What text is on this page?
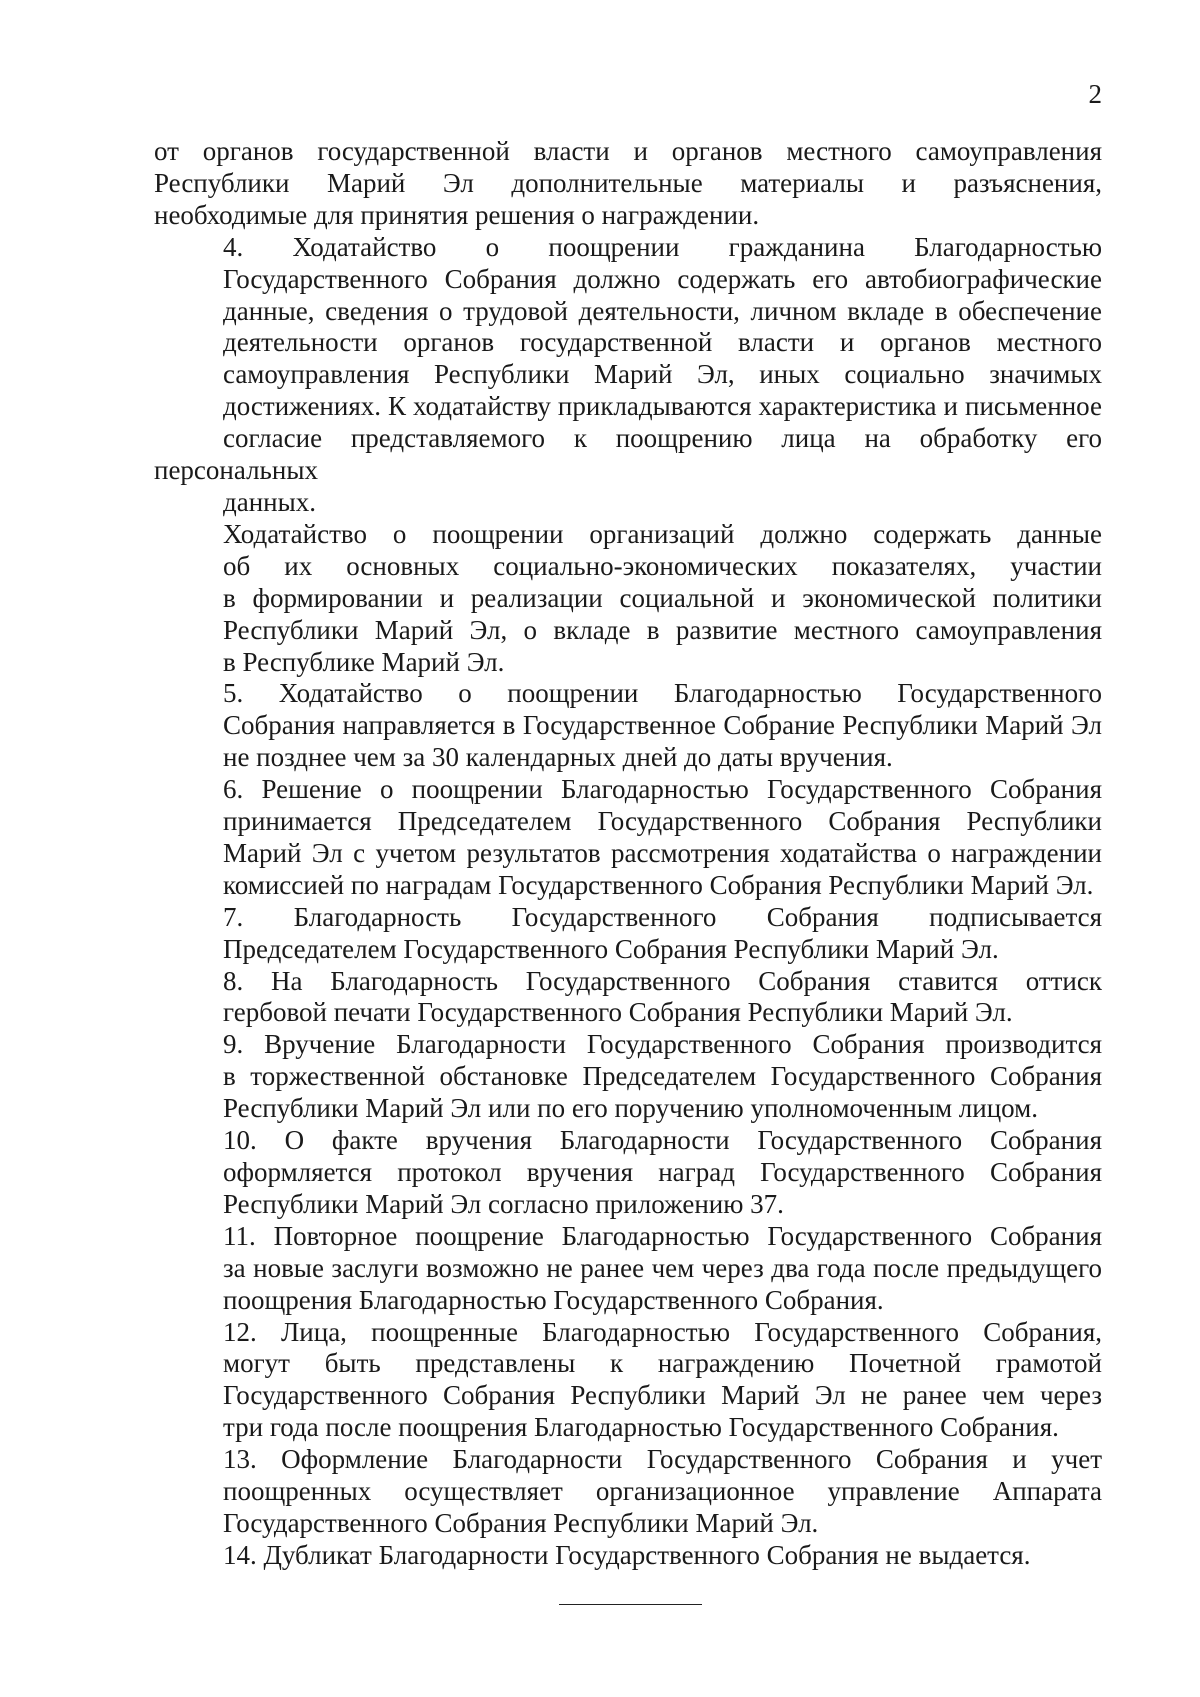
2

от органов государственной власти и органов местного самоуправления
Республики Марий Эл дополнительные материалы и разъяснения,
необходимые для принятия решения о награждении.

4. Ходатайство о поощрении гражданина Благодарностью
Государственного Собрания должно содержать его автобиографические
данные, сведения о трудовой деятельности, личном вкладе в обеспечение
деятельности органов государственной власти и органов местного
самоуправления Республики Марий Эл, иных социально значимых
достижениях. К ходатайству прикладываются характеристика и письменное
согласие представляемого к поощрению лица на обработку его персональных
данных.

Ходатайство о поощрении организаций должно содержать данные
об их основных социально-экономических показателях, участии
в формировании и реализации социальной и экономической политики
Республики Марий Эл, о вкладе в развитие местного самоуправления
в Республике Марий Эл.

5. Ходатайство о поощрении Благодарностью Государственного
Собрания направляется в Государственное Собрание Республики Марий Эл
не позднее чем за 30 календарных дней до даты вручения.

6. Решение о поощрении Благодарностью Государственного Собрания
принимается Председателем Государственного Собрания Республики
Марий Эл с учетом результатов рассмотрения ходатайства о награждении
комиссией по наградам Государственного Собрания Республики Марий Эл.

7. Благодарность Государственного Собрания подписывается
Председателем Государственного Собрания Республики Марий Эл.

8. На Благодарность Государственного Собрания ставится оттиск
гербовой печати Государственного Собрания Республики Марий Эл.

9. Вручение Благодарности Государственного Собрания производится
в торжественной обстановке Председателем Государственного Собрания
Республики Марий Эл или по его поручению уполномоченным лицом.

10. О факте вручения Благодарности Государственного Собрания
оформляется протокол вручения наград Государственного Собрания
Республики Марий Эл согласно приложению 37.

11. Повторное поощрение Благодарностью Государственного Собрания
за новые заслуги возможно не ранее чем через два года после предыдущего
поощрения Благодарностью Государственного Собрания.

12. Лица, поощренные Благодарностью Государственного Собрания,
могут быть представлены к награждению Почетной грамотой
Государственного Собрания Республики Марий Эл не ранее чем через
три года после поощрения Благодарностью Государственного Собрания.

13. Оформление Благодарности Государственного Собрания и учет
поощренных осуществляет организационное управление Аппарата
Государственного Собрания Республики Марий Эл.

14. Дубликат Благодарности Государственного Собрания не выдается.
